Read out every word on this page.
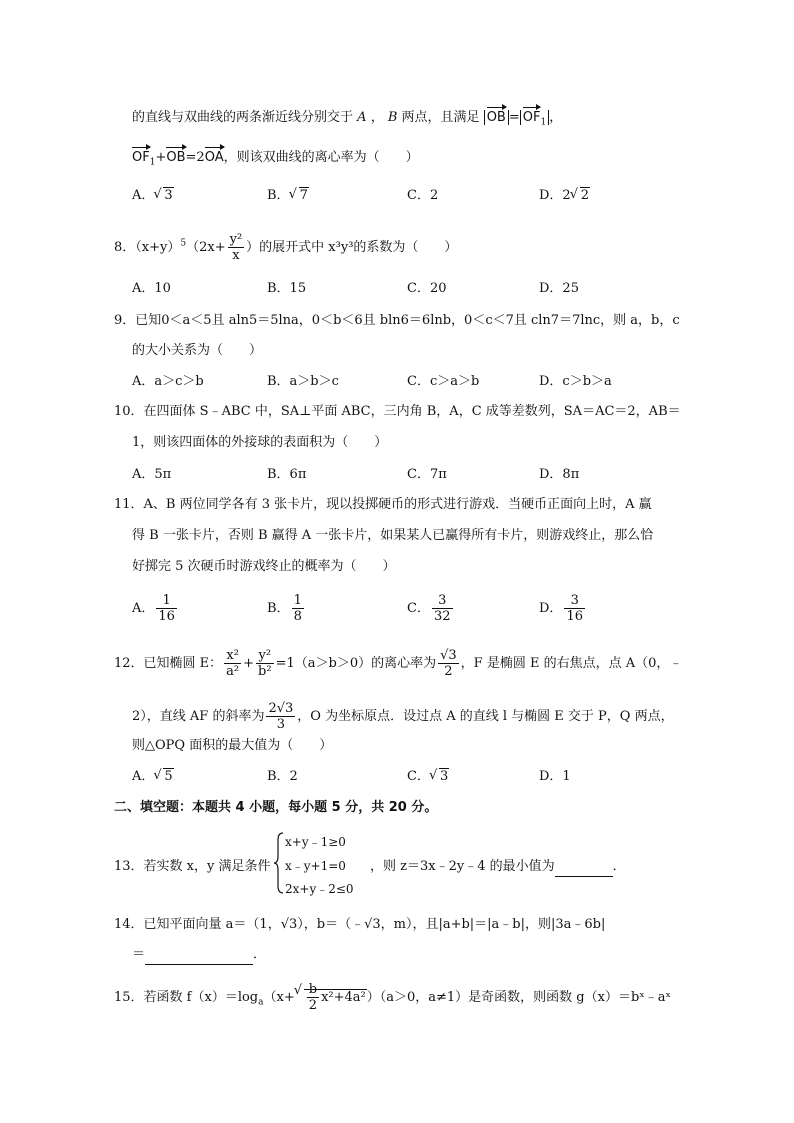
的直线与双曲线的两条渐近线分别交于 A ， B 两点，且满足 OB = $OF_1$ ，
$OF_1+OB=2OA$，则该双曲线的离心率为（　　）
A． √ 3	B． √ 7	C．2	D．2 √ 2
8．$(x+y)^5(2x+ \frac{\text{y²}}{x}$ ）的展开式中 x³y³的系数为（　　）
A．10	B．15	C．20	D．25
9．已知0＜a＜5且 aln5＝5lna，0＜b＜6且 bln6＝6lnb，0＜c＜7且 cln7＝7lnc，则 a，b，c
的大小关系为（　　）
A．a＞c＞b	B．a＞b＞c	C．c＞a＞b	D．c＞b＞a
10．在四面体 S﹣ABC 中，SA⊥平面 ABC，三内角 B，A，C 成等差数列，SA＝AC＝2，AB＝
1，则该四面体的外接球的表面积为（　　）
A．5π	B．6π	C．7π	D．8π
11．A、B 两位同学各有 3 张卡片，现以投掷硬币的形式进行游戏．当硬币正面向上时，A 赢
得 B 一张卡片，否则 B 赢得 A 一张卡片，如果某人已赢得所有卡片，则游戏终止，那么恰
好掷完 5 次硬币时游戏终止的概率为（　　）
A． $\frac{1}{16}$	B． $\frac{1}{8}$	C． $\frac{3}{32}$	D． $\frac{3}{16}$
12．已知椭圆 E： $\frac{\text{x²}}{\text{a²}} + \frac{\text{y²}}{\text{b²}} =1(a>b>0)$的离心率为 $\frac{√3}{2}$ ，F 是椭圆 E 的右焦点，点 A（0，﹣
2），直线 AF 的斜率为 $\frac{2√3}{3}$ ，O 为坐标原点．设过点 A 的直线 l 与椭圆 E 交于 P，Q 两点，
则△OPQ 面积的最大值为（　　）
A． √ 5	B．2	C． √ 3	D．1
二、填空题：本题共 4 小题，每小题 5 分，共 20 分。
13．若实数 x，y 满足条件
x+y﹣1≥0
x﹣y+1=0
2x+y﹣2≤0
，则 z＝3x﹣2y﹣4 的最小值为	．
14．已知平面向量 a＝（1，√3），b＝（﹣√3，m），且|a+b|＝|a﹣b|，则|3a﹣6b|
＝	．
15．若函数 $f(x)=\log_a(x+$ √ $\frac{b}{2} x^2+4a^2)(a>0$，a≠1）是奇函数，则函数 g（x）＝bˣ﹣aˣ
